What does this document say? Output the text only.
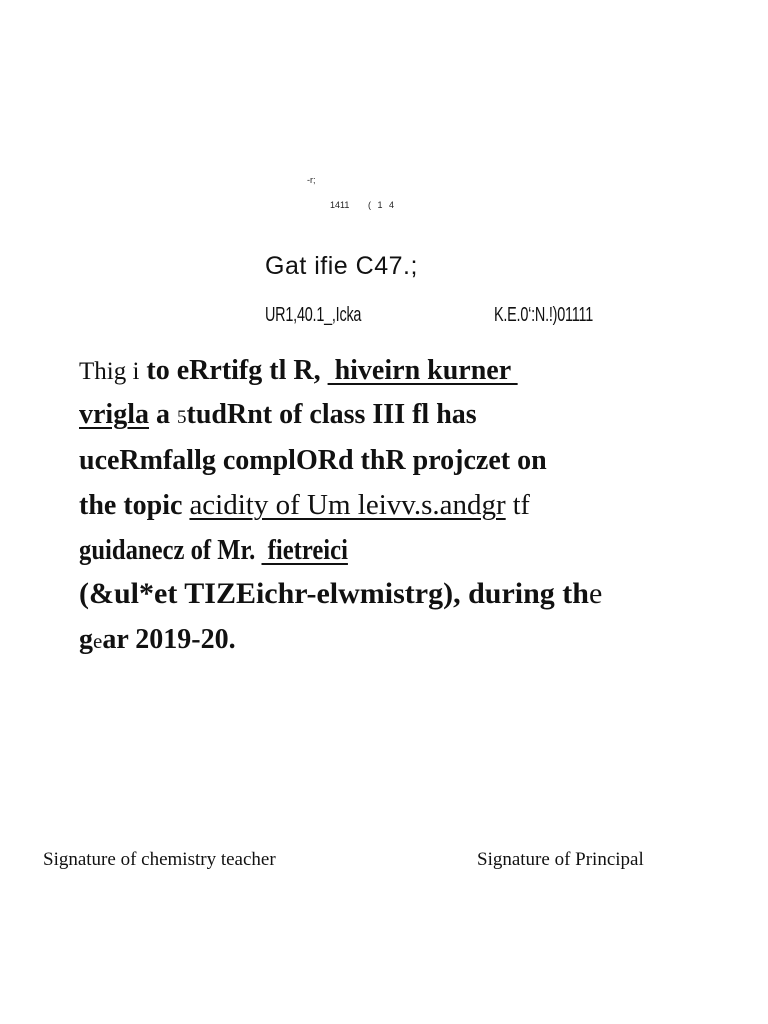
-r;
1411 ( 1 4
Gat ifie C47.;
UR1,40.1_,Icka	K.E.0‘:N.!)01111
Thig i to eRrtifg tl R,  hiveirn kurner
vrigla a 5tudRnt of class III fl has
uceRmfallg complORd thR projczet on
the topic acidity of Um leivv.s.andgr tf
guidanecz of Mr.  fietreici
(&ul*et TIZEichr-elwmistrg), during the
gear 2019-20.
Signature of chemistry teacher	Signature of Principal
